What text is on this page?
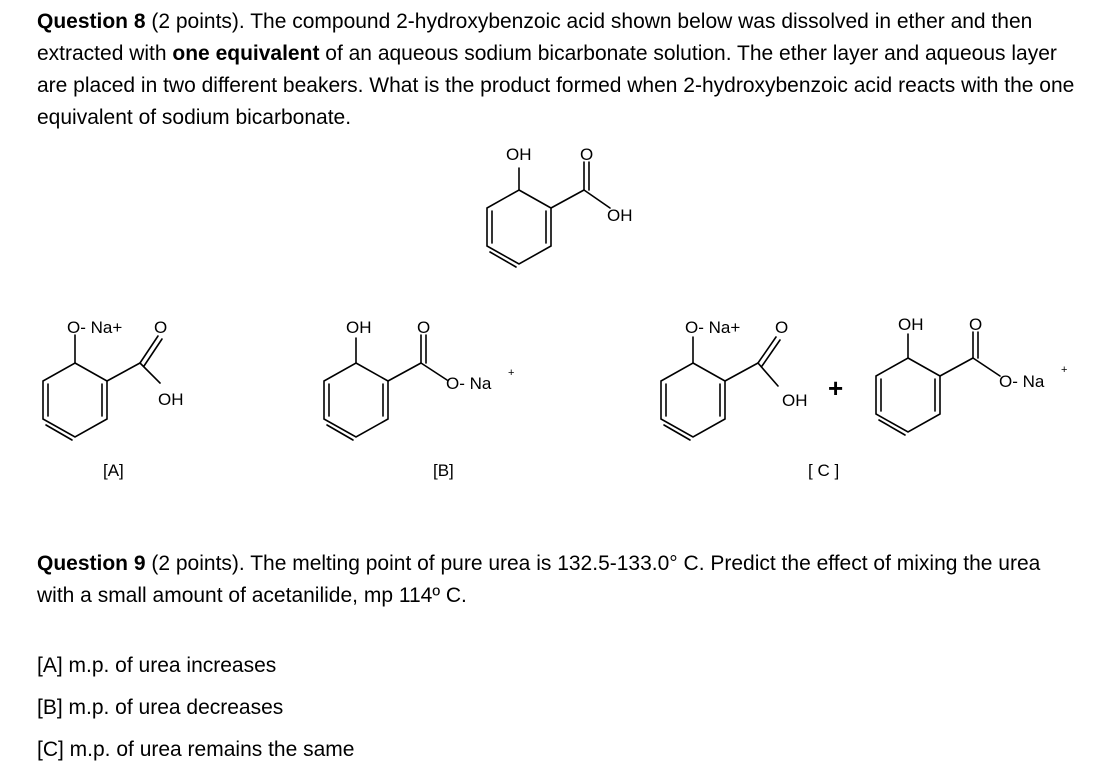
Question 8 (2 points). The compound 2-hydroxybenzoic acid shown below was dissolved in ether and then extracted with one equivalent of an aqueous sodium bicarbonate solution. The ether layer and aqueous layer are placed in two different beakers. What is the product formed when 2-hydroxybenzoic acid reacts with the one equivalent of sodium bicarbonate.

OH	O
OH
O- Na+ O
OH
[A]
OH	O
O- Na
+
[B]
O- Na+ O
OH +
OH	O
O- Na
+
[ C ]

Question 9 (2 points). The melting point of pure urea is 132.5-133.0° C. Predict the effect of mixing the urea with a small amount of acetanilide, mp 114º C.

[A] m.p. of urea increases
[B] m.p. of urea decreases
[C] m.p. of urea remains the same
